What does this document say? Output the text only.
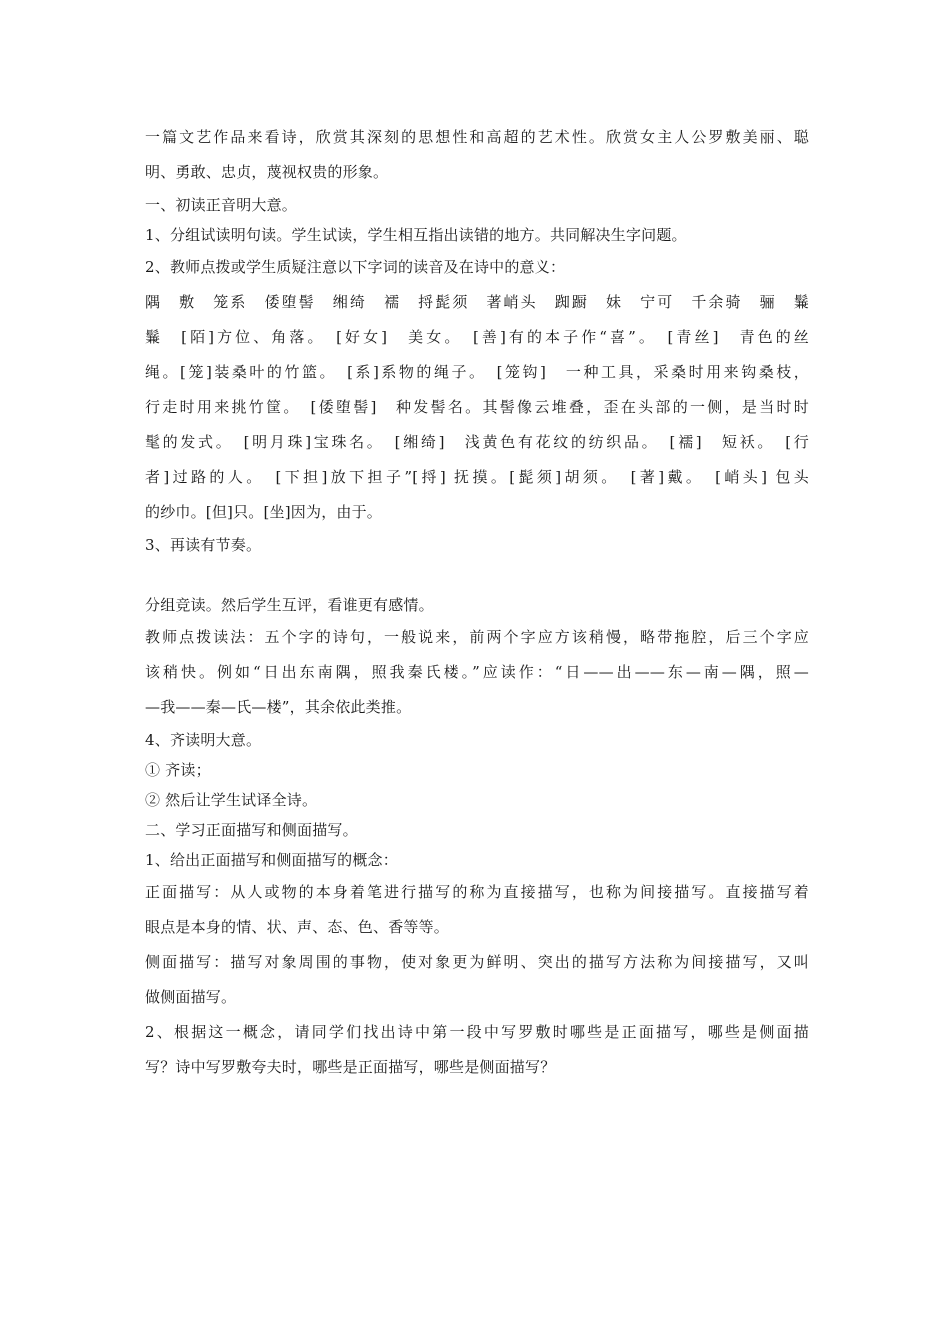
一篇文艺作品来看诗，欣赏其深刻的思想性和高超的艺术性。欣赏女主人公罗敷美丽、聪

明、勇敢、忠贞，蔑视权贵的形象。

一、初读正音明大意。

1、分组试读明句读。学生试读，学生相互指出读错的地方。共同解决生字问题。

2、教师点拨或学生质疑注意以下字词的读音及在诗中的意义：

隅　敷　笼系　倭堕髻　缃绮　襦　捋髭须　著峭头　踟蹰　妹　宁可　千余骑　骊　鬑

鬑　[陌]方位、角落。　[好女]　美女。　[善]有的本子作“喜”。　[青丝]　青色的丝

绳。[笼]装桑叶的竹篮。　[系]系物的绳子。　[笼钩]　一种工具，采桑时用来钩桑枝，

行走时用来挑竹筐。　[倭堕髻]　种发髻名。其髻像云堆叠，歪在头部的一侧，是当时时

髦的发式。　[明月珠]宝珠名。　[缃绮]　浅黄色有花纹的纺织品。　[襦]　短袄。　[行

者]过路的人。　[下担]放下担子”[捋] 抚摸。[髭须]胡须。　[著]戴。　[峭头] 包头

的纱巾。[但]只。[坐]因为，由于。

3、再读有节奏。

分组竞读。然后学生互评，看谁更有感情。

教师点拨读法：五个字的诗句，一般说来，前两个字应方该稍慢，略带拖腔，后三个字应

该稍快。例如“日出东南隅，照我秦氏楼。”应读作：“日——出——东—南—隅，照—

—我——秦—氏—楼”，其余依此类推。

4、齐读明大意。

① 齐读；

② 然后让学生试译全诗。

二、学习正面描写和侧面描写。

1、给出正面描写和侧面描写的概念：

正面描写：从人或物的本身着笔进行描写的称为直接描写，也称为间接描写。直接描写着

眼点是本身的情、状、声、态、色、香等等。

侧面描写：描写对象周围的事物，使对象更为鲜明、突出的描写方法称为间接描写，又叫

做侧面描写。

2、根据这一概念，请同学们找出诗中第一段中写罗敷时哪些是正面描写，哪些是侧面描

写？诗中写罗敷夸夫时，哪些是正面描写，哪些是侧面描写？
